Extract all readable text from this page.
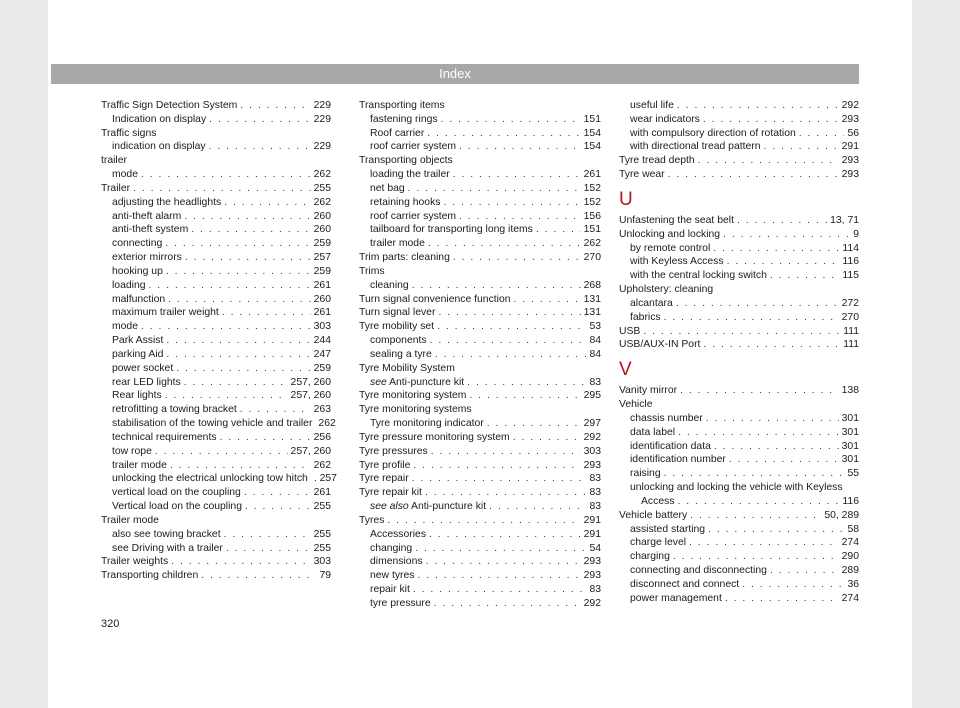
Index
Traffic Sign Detection System . . .	229
Indication on display . . .	229
Traffic signs
indication on display . . .	229
trailer
mode . . .	262
Trailer . . .	255
adjusting the headlights . . .	262
anti-theft alarm . . .	260
anti-theft system . . .	260
connecting . . .	259
exterior mirrors . . .	257
hooking up . . .	259
loading . . .	261
malfunction . . .	260
maximum trailer weight . . .	261
mode . . .	303
Park Assist . . .	244
parking Aid . . .	247
power socket . . .	259
rear LED lights . . .	257, 260
Rear lights . . .	257, 260
retrofitting a towing bracket . . .	263
stabilisation of the towing vehicle and trailer 262
technical requirements . . .	256
tow rope . . .	257, 260
trailer mode . . .	262
unlocking the electrical unlocking tow hitch . 257
vertical load on the coupling . . .	261
Vertical load on the coupling . . .	255
Trailer mode
also see towing bracket . . .	255
see Driving with a trailer . . .	255
Trailer weights . . .	303
Transporting children . . .	79
Transporting items
fastening rings . . .	151
Roof carrier . . .	154
roof carrier system . . .	154
Transporting objects
loading the trailer . . .	261
net bag . . .	152
retaining hooks . . .	152
roof carrier system . . .	156
tailboard for transporting long items . . .	151
trailer mode . . .	262
Trim parts: cleaning . . .	270
Trims
cleaning . . .	268
Turn signal convenience function . . .	131
Turn signal lever . . .	131
Tyre mobility set . . .	53
components . . .	84
sealing a tyre . . .	84
Tyre Mobility System
see Anti-puncture kit . . .	83
Tyre monitoring system . . .	295
Tyre monitoring systems
Tyre monitoring indicator . . .	297
Tyre pressure monitoring system . . .	292
Tyre pressures . . .	303
Tyre profile . . .	293
Tyre repair . . .	83
Tyre repair kit . . .	83
see also Anti-puncture kit . . .	83
Tyres . . .	291
Accessories . . .	291
changing . . .	54
dimensions . . .	293
new tyres . . .	293
repair kit . . .	83
tyre pressure . . .	292
useful life . . .	292
wear indicators . . .	293
with compulsory direction of rotation . . .	56
with directional tread pattern . . .	291
Tyre tread depth . . .	293
Tyre wear . . .	293
U
Unfastening the seat belt . . .	13, 71
Unlocking and locking . . .	9
by remote control . . .	114
with Keyless Access . . .	116
with the central locking switch . . .	115
Upholstery: cleaning
alcantara . . .	272
fabrics . . .	270
USB . . .	111
USB/AUX-IN Port . . .	111
V
Vanity mirror . . .	138
Vehicle
chassis number . . .	301
data label . . .	301
identification data . . .	301
identification number . . .	301
raising . . .	55
unlocking and locking the vehicle with Keyless
Access . . .	116
Vehicle battery . . .	50, 289
assisted starting . . .	58
charge level . . .	274
charging . . .	290
connecting and disconnecting . . .	289
disconnect and connect . . .	36
power management . . .	274
320
